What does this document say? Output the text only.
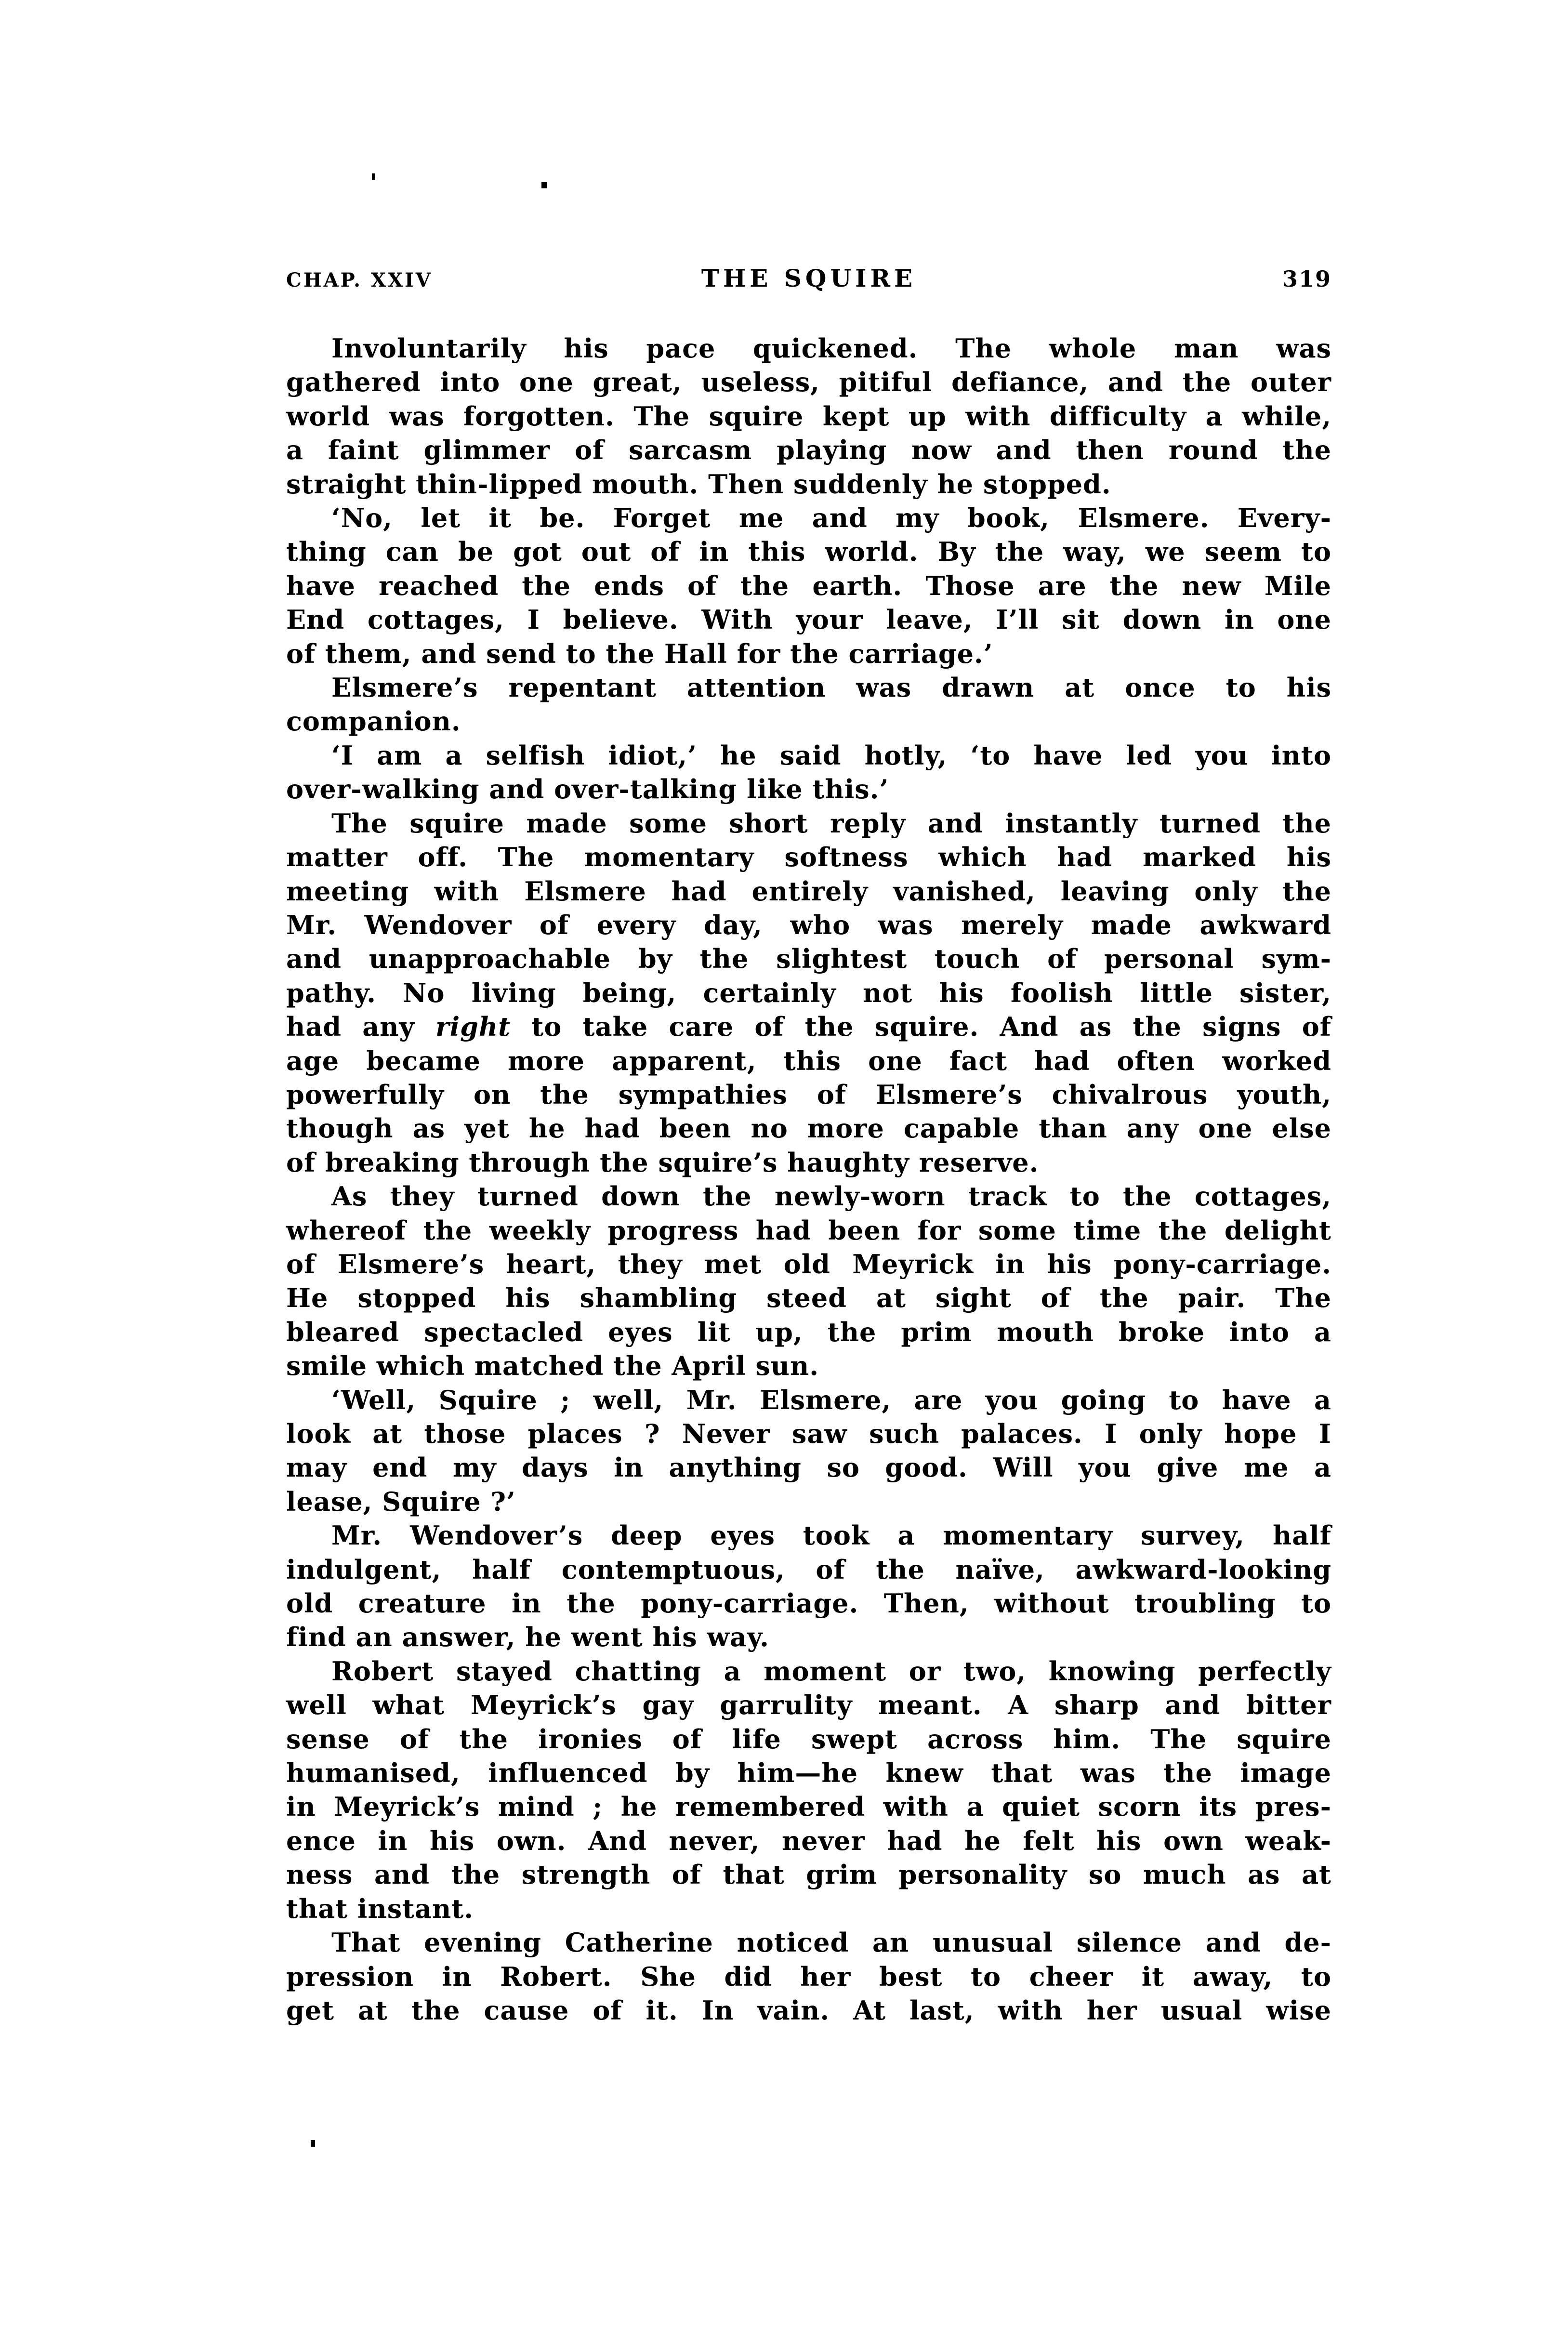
CHAP. XXIV	THE SQUIRE	319

Involuntarily his pace quickened. The whole man was
gathered into one great, useless, pitiful defiance, and the outer
world was forgotten. The squire kept up with difficulty a while,
a faint glimmer of sarcasm playing now and then round the
straight thin-lipped mouth. Then suddenly he stopped.

‘No, let it be. Forget me and my book, Elsmere. Every-
thing can be got out of in this world. By the way, we seem to
have reached the ends of the earth. Those are the new Mile
End cottages, I believe. With your leave, I’ll sit down in one
of them, and send to the Hall for the carriage.’

Elsmere’s repentant attention was drawn at once to his
companion.

‘I am a selfish idiot,’ he said hotly, ‘to have led you into
over-walking and over-talking like this.’

The squire made some short reply and instantly turned the
matter off. The momentary softness which had marked his
meeting with Elsmere had entirely vanished, leaving only the
Mr. Wendover of every day, who was merely made awkward
and unapproachable by the slightest touch of personal sym-
pathy. No living being, certainly not his foolish little sister,
had any right to take care of the squire. And as the signs of
age became more apparent, this one fact had often worked
powerfully on the sympathies of Elsmere’s chivalrous youth,
though as yet he had been no more capable than any one else
of breaking through the squire’s haughty reserve.

As they turned down the newly-worn track to the cottages,
whereof the weekly progress had been for some time the delight
of Elsmere’s heart, they met old Meyrick in his pony-carriage.
He stopped his shambling steed at sight of the pair. The
bleared spectacled eyes lit up, the prim mouth broke into a
smile which matched the April sun.

‘Well, Squire ; well, Mr. Elsmere, are you going to have a
look at those places ? Never saw such palaces. I only hope I
may end my days in anything so good. Will you give me a
lease, Squire ?’

Mr. Wendover’s deep eyes took a momentary survey, half
indulgent, half contemptuous, of the naïve, awkward-looking
old creature in the pony-carriage. Then, without troubling to
find an answer, he went his way.

Robert stayed chatting a moment or two, knowing perfectly
well what Meyrick’s gay garrulity meant. A sharp and bitter
sense of the ironies of life swept across him. The squire
humanised, influenced by him—he knew that was the image
in Meyrick’s mind ; he remembered with a quiet scorn its pres-
ence in his own. And never, never had he felt his own weak-
ness and the strength of that grim personality so much as at
that instant.

That evening Catherine noticed an unusual silence and de-
pression in Robert. She did her best to cheer it away, to
get at the cause of it. In vain. At last, with her usual wise
